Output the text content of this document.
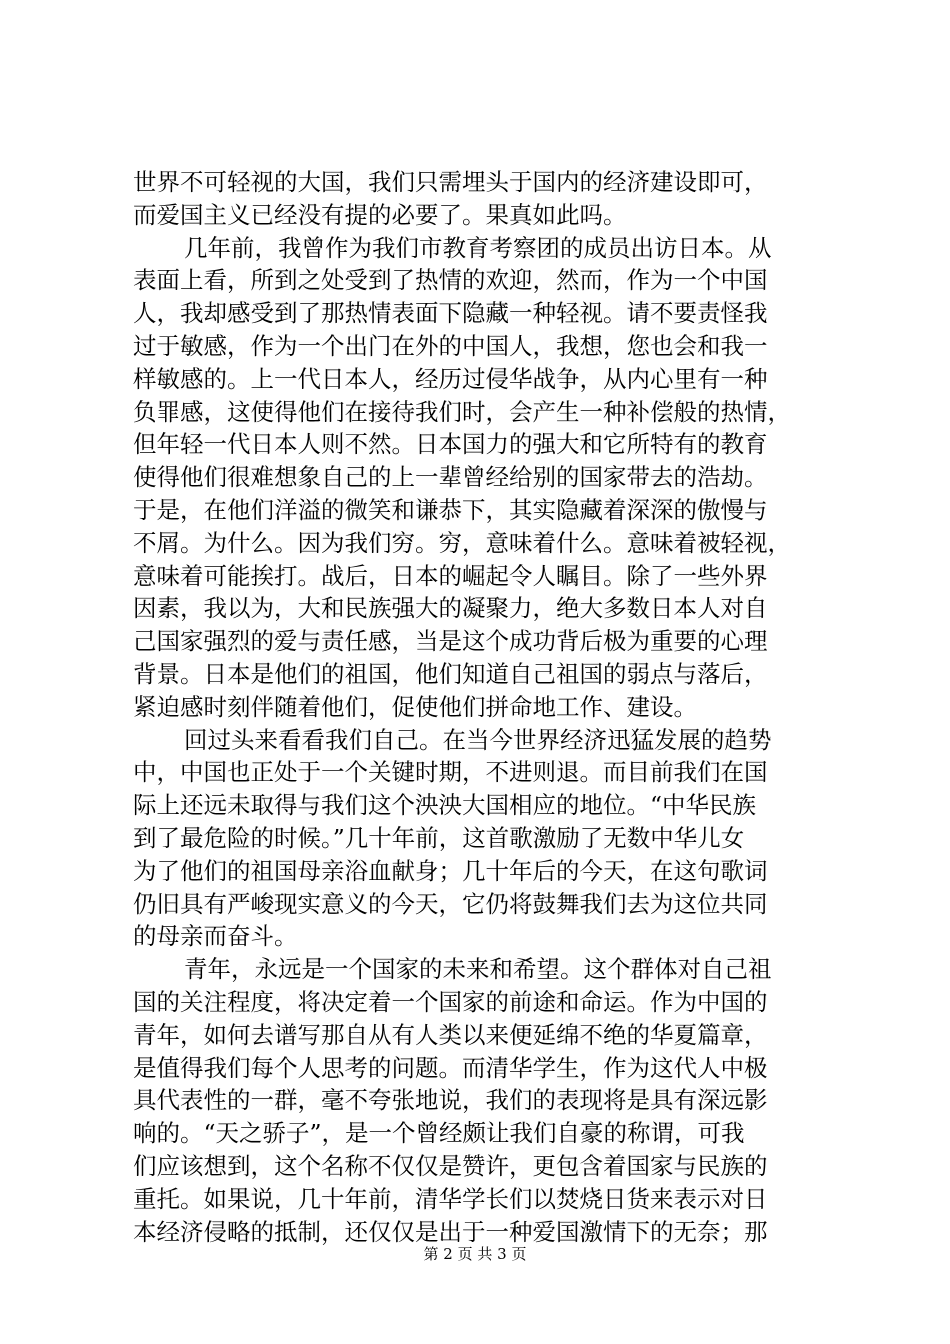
世界不可轻视的大国，我们只需埋头于国内的经济建设即可，
而爱国主义已经没有提的必要了。果真如此吗。
几年前，我曾作为我们市教育考察团的成员出访日本。从
表面上看，所到之处受到了热情的欢迎，然而，作为一个中国
人，我却感受到了那热情表面下隐藏一种轻视。请不要责怪我
过于敏感，作为一个出门在外的中国人，我想，您也会和我一
样敏感的。上一代日本人，经历过侵华战争，从内心里有一种
负罪感，这使得他们在接待我们时，会产生一种补偿般的热情，
但年轻一代日本人则不然。日本国力的强大和它所特有的教育
使得他们很难想象自己的上一辈曾经给别的国家带去的浩劫。
于是，在他们洋溢的微笑和谦恭下，其实隐藏着深深的傲慢与
不屑。为什么。因为我们穷。穷，意味着什么。意味着被轻视，
意味着可能挨打。战后，日本的崛起令人瞩目。除了一些外界
因素，我以为，大和民族强大的凝聚力，绝大多数日本人对自
己国家强烈的爱与责任感，当是这个成功背后极为重要的心理
背景。日本是他们的祖国，他们知道自己祖国的弱点与落后，
紧迫感时刻伴随着他们，促使他们拼命地工作、建设。
回过头来看看我们自己。在当今世界经济迅猛发展的趋势
中，中国也正处于一个关键时期，不进则退。而目前我们在国
际上还远未取得与我们这个泱泱大国相应的地位。“中华民族
到了最危险的时候。”几十年前，这首歌激励了无数中华儿女
为了他们的祖国母亲浴血献身；几十年后的今天，在这句歌词
仍旧具有严峻现实意义的今天，它仍将鼓舞我们去为这位共同
的母亲而奋斗。
青年，永远是一个国家的未来和希望。这个群体对自己祖
国的关注程度，将决定着一个国家的前途和命运。作为中国的
青年，如何去谱写那自从有人类以来便延绵不绝的华夏篇章，
是值得我们每个人思考的问题。而清华学生，作为这代人中极
具代表性的一群，毫不夸张地说，我们的表现将是具有深远影
响的。“天之骄子”，是一个曾经颇让我们自豪的称谓，可我
们应该想到，这个名称不仅仅是赞许，更包含着国家与民族的
重托。如果说，几十年前，清华学长们以焚烧日货来表示对日
本经济侵略的抵制，还仅仅是出于一种爱国激情下的无奈；那
第 2 页 共 3 页
